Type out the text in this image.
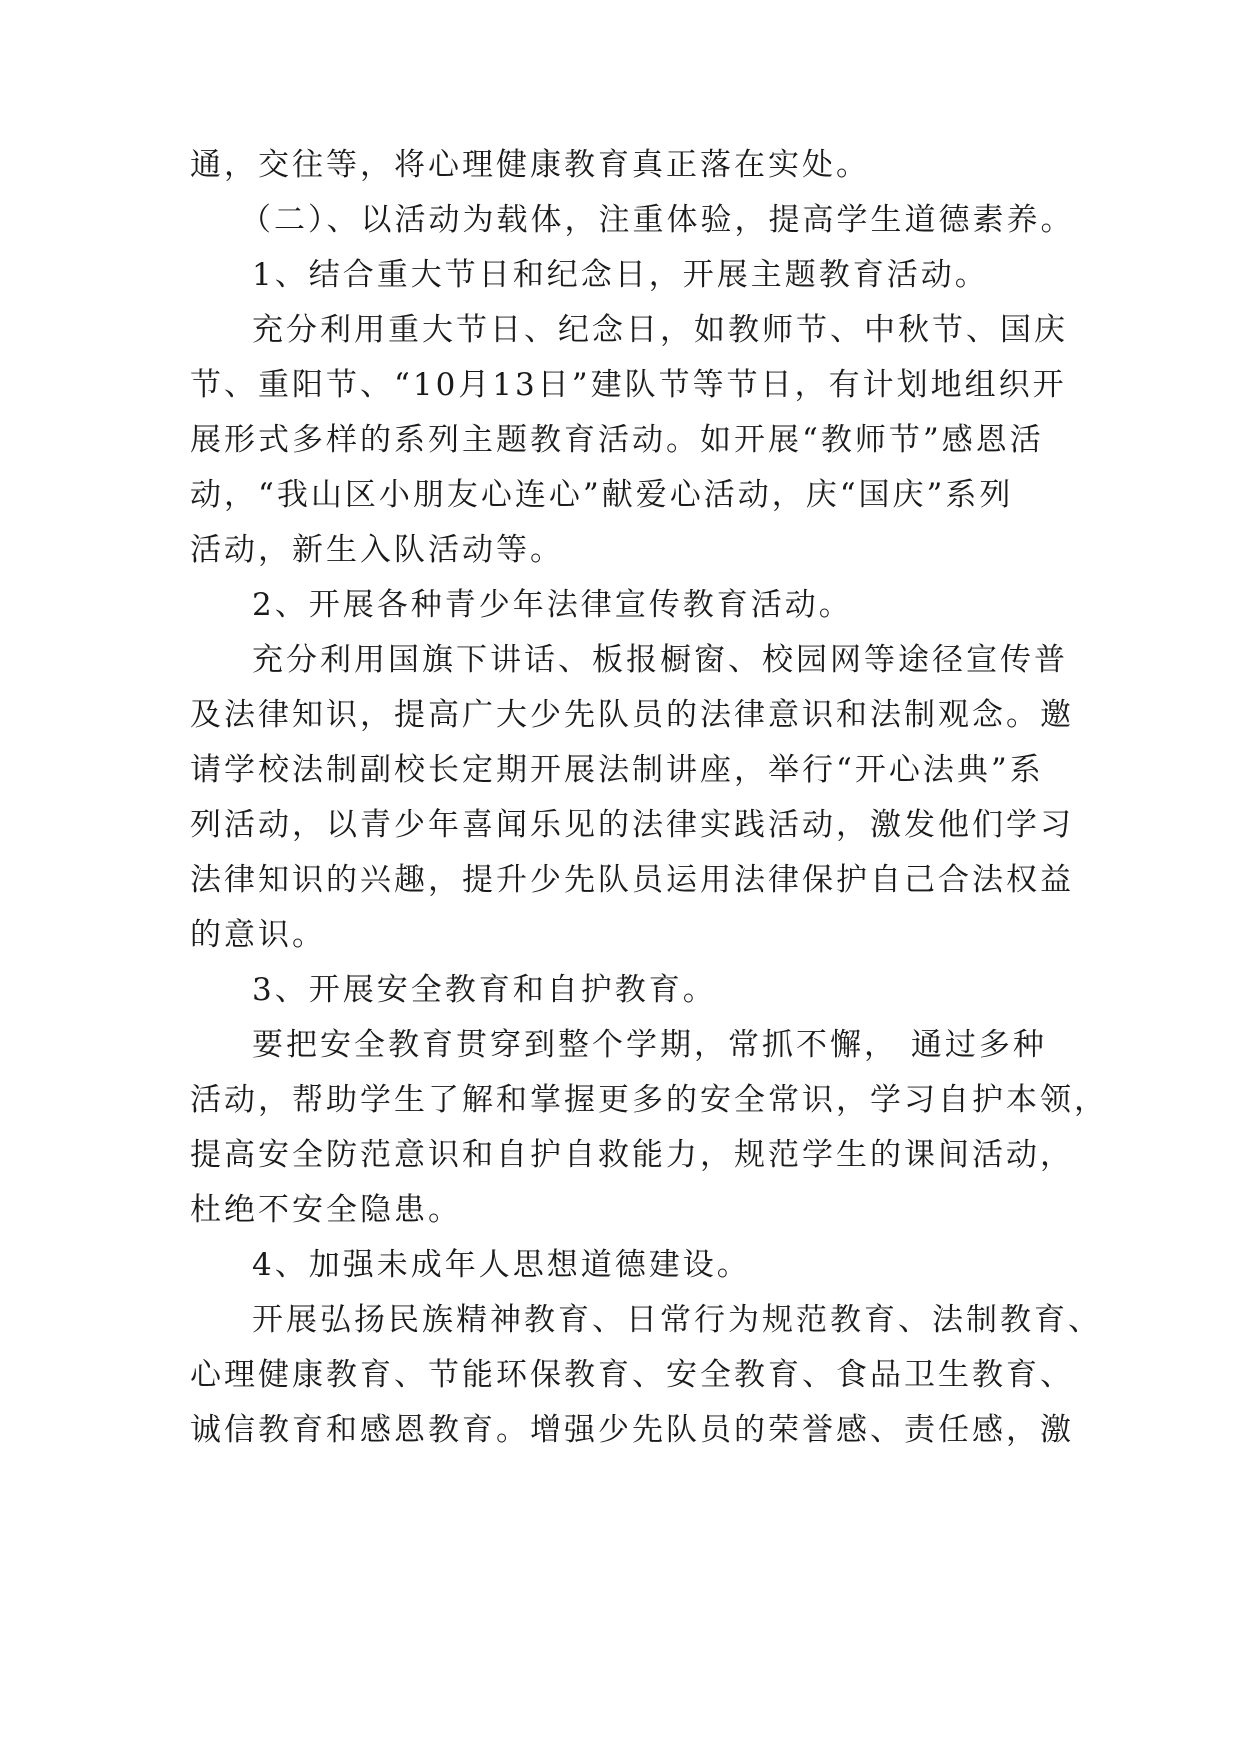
通，交往等，将心理健康教育真正落在实处。
（二）、以活动为载体，注重体验，提高学生道德素养。
1、结合重大节日和纪念日，开展主题教育活动。
充分利用重大节日、纪念日，如教师节、中秋节、国庆
节、重阳节、“10月13日”建队节等节日，有计划地组织开
展形式多样的系列主题教育活动。如开展“教师节”感恩活
动，“我山区小朋友心连心”献爱心活动，庆“国庆”系列
活动，新生入队活动等。
2、开展各种青少年法律宣传教育活动。
充分利用国旗下讲话、板报橱窗、校园网等途径宣传普
及法律知识，提高广大少先队员的法律意识和法制观念。邀
请学校法制副校长定期开展法制讲座，举行“开心法典”系
列活动，以青少年喜闻乐见的法律实践活动，激发他们学习
法律知识的兴趣，提升少先队员运用法律保护自己合法权益
的意识。
3、开展安全教育和自护教育。
要把安全教育贯穿到整个学期，常抓不懈， 通过多种
活动，帮助学生了解和掌握更多的安全常识，学习自护本领，
提高安全防范意识和自护自救能力，规范学生的课间活动，
杜绝不安全隐患。
4、加强未成年人思想道德建设。
开展弘扬民族精神教育、日常行为规范教育、法制教育、
心理健康教育、节能环保教育、安全教育、食品卫生教育、
诚信教育和感恩教育。增强少先队员的荣誉感、责任感，激
